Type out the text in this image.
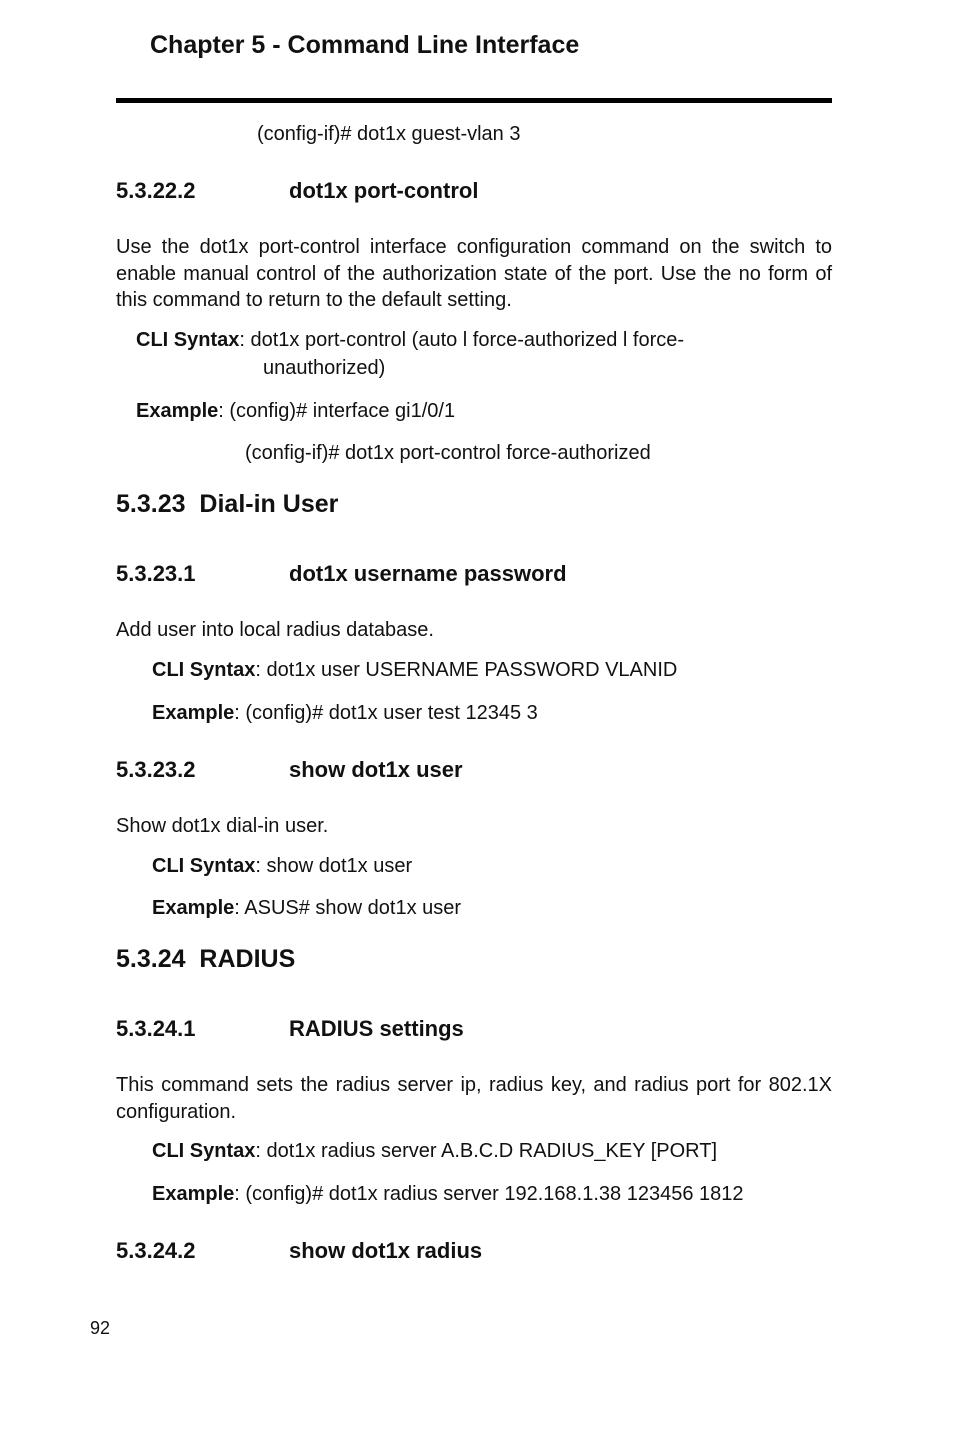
Chapter 5 - Command Line Interface
(config-if)# dot1x guest-vlan 3
5.3.22.2	dot1x port-control
Use the dot1x port-control interface configuration command on the switch to enable manual control of the authorization state of the port. Use the no form of this command to return to the default setting.
CLI Syntax: dot1x port-control (auto l force-authorized l force-
unauthorized)
Example: (config)# interface gi1/0/1
(config-if)# dot1x port-control force-authorized
5.3.23 Dial-in User
5.3.23.1	dot1x username password
Add user into local radius database.
CLI Syntax: dot1x user USERNAME PASSWORD VLANID
Example: (config)# dot1x user test 12345 3
5.3.23.2	show dot1x user
Show dot1x dial-in user.
CLI Syntax: show dot1x user
Example: ASUS# show dot1x user
5.3.24 RADIUS
5.3.24.1	RADIUS settings
This command sets the radius server ip, radius key, and radius port for 802.1X configuration.
CLI Syntax: dot1x radius server A.B.C.D RADIUS_KEY [PORT]
Example: (config)# dot1x radius server 192.168.1.38 123456 1812
5.3.24.2	show dot1x radius
92
